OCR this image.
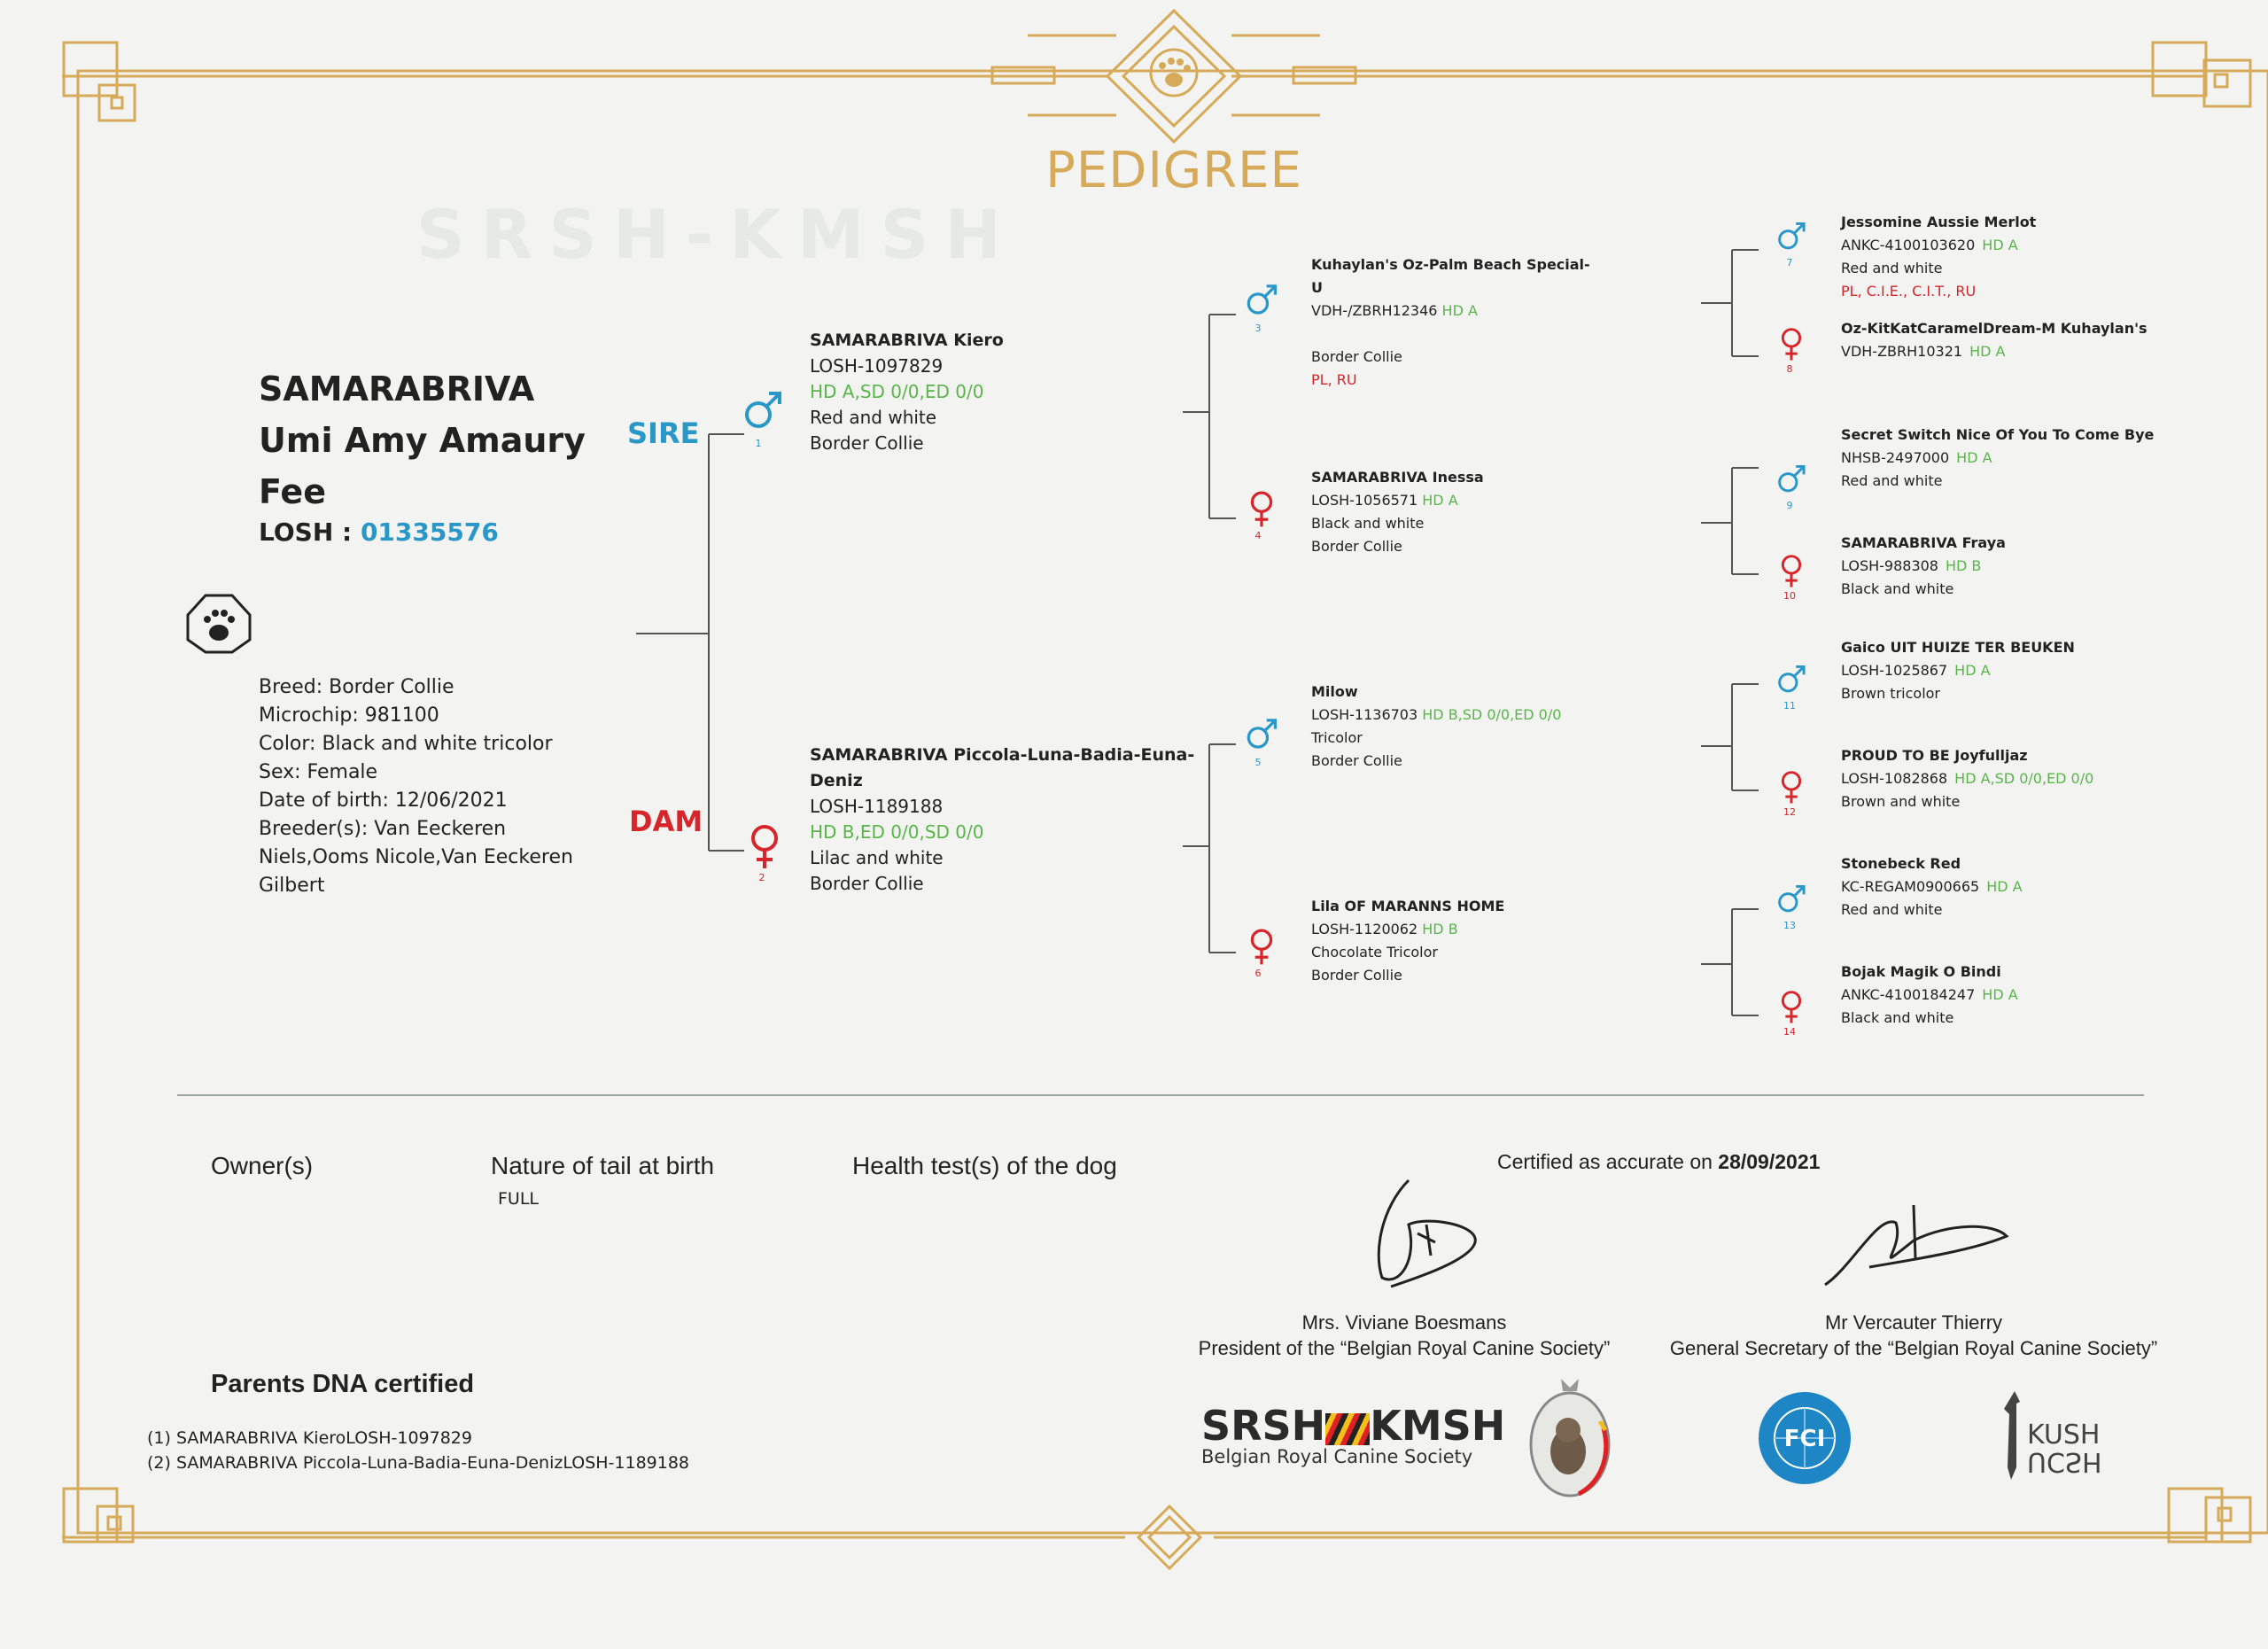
SRSH-KMSH
PEDIGREE
SAMARABRIVA
Umi Amy Amaury
Fee
LOSH : 01335576
Breed: Border Collie
Microchip: 981100
Color: Black and white tricolor
Sex: Female
Date of birth: 12/06/2021
Breeder(s): Van Eeckeren
Niels,Ooms Nicole,Van Eeckeren
Gilbert
SIRE
DAM
1
2
SAMARABRIVA Kiero
LOSH-1097829
HD A,SD 0/0,ED 0/0
Red and white
Border Collie
SAMARABRIVA Piccola-Luna-Badia-Euna-
Deniz
LOSH-1189188
HD B,ED 0/0,SD 0/0
Lilac and white
Border Collie
Kuhaylan's Oz-Palm Beach Special-U
VDH-/ZBRH12346 HD A
Border Collie
PL, RU
SAMARABRIVA Inessa
LOSH-1056571 HD A
Black and white
Border Collie
Milow
LOSH-1136703 HD B,SD 0/0,ED 0/0
Tricolor
Border Collie
Lila OF MARANNS HOME
LOSH-1120062 HD B
Chocolate Tricolor
Border Collie
Owner(s)	Nature of tail at birth
FULL
Health test(s) of the dog	Certified as accurate on 28/09/2021
Mrs. Viviane Boesmans
President of the “Belgian Royal Canine Society”
Mr Vercauter Thierry
General Secretary of the “Belgian Royal Canine Society”
Parents DNA certified
(1) SAMARABRIVA KieroLOSH-1097829
(2) SAMARABRIVA Piccola-Luna-Badia-Euna-DenizLOSH-1189188
SRSH KMSH
Belgian Royal Canine Society
FCI	KUSH
UCSH
3
4
5
6
7
Jessomine Aussie Merlot
ANKC-4100103620 HD A
Red and white
PL, C.I.E., C.I.T., RU
8
Oz-KitKatCaramelDream-M Kuhaylan's
VDH-ZBRH10321 HD A
9
Secret Switch Nice Of You To Come Bye
NHSB-2497000 HD A
Red and white
10
SAMARABRIVA Fraya
LOSH-988308 HD B
Black and white
11
Gaico UIT HUIZE TER BEUKEN
LOSH-1025867 HD A
Brown tricolor
12
PROUD TO BE Joyfulljaz
LOSH-1082868 HD A,SD 0/0,ED 0/0
Brown and white
13
Stonebeck Red
KC-REGAM0900665 HD A
Red and white
14
Bojak Magik O Bindi
ANKC-4100184247 HD A
Black and white
